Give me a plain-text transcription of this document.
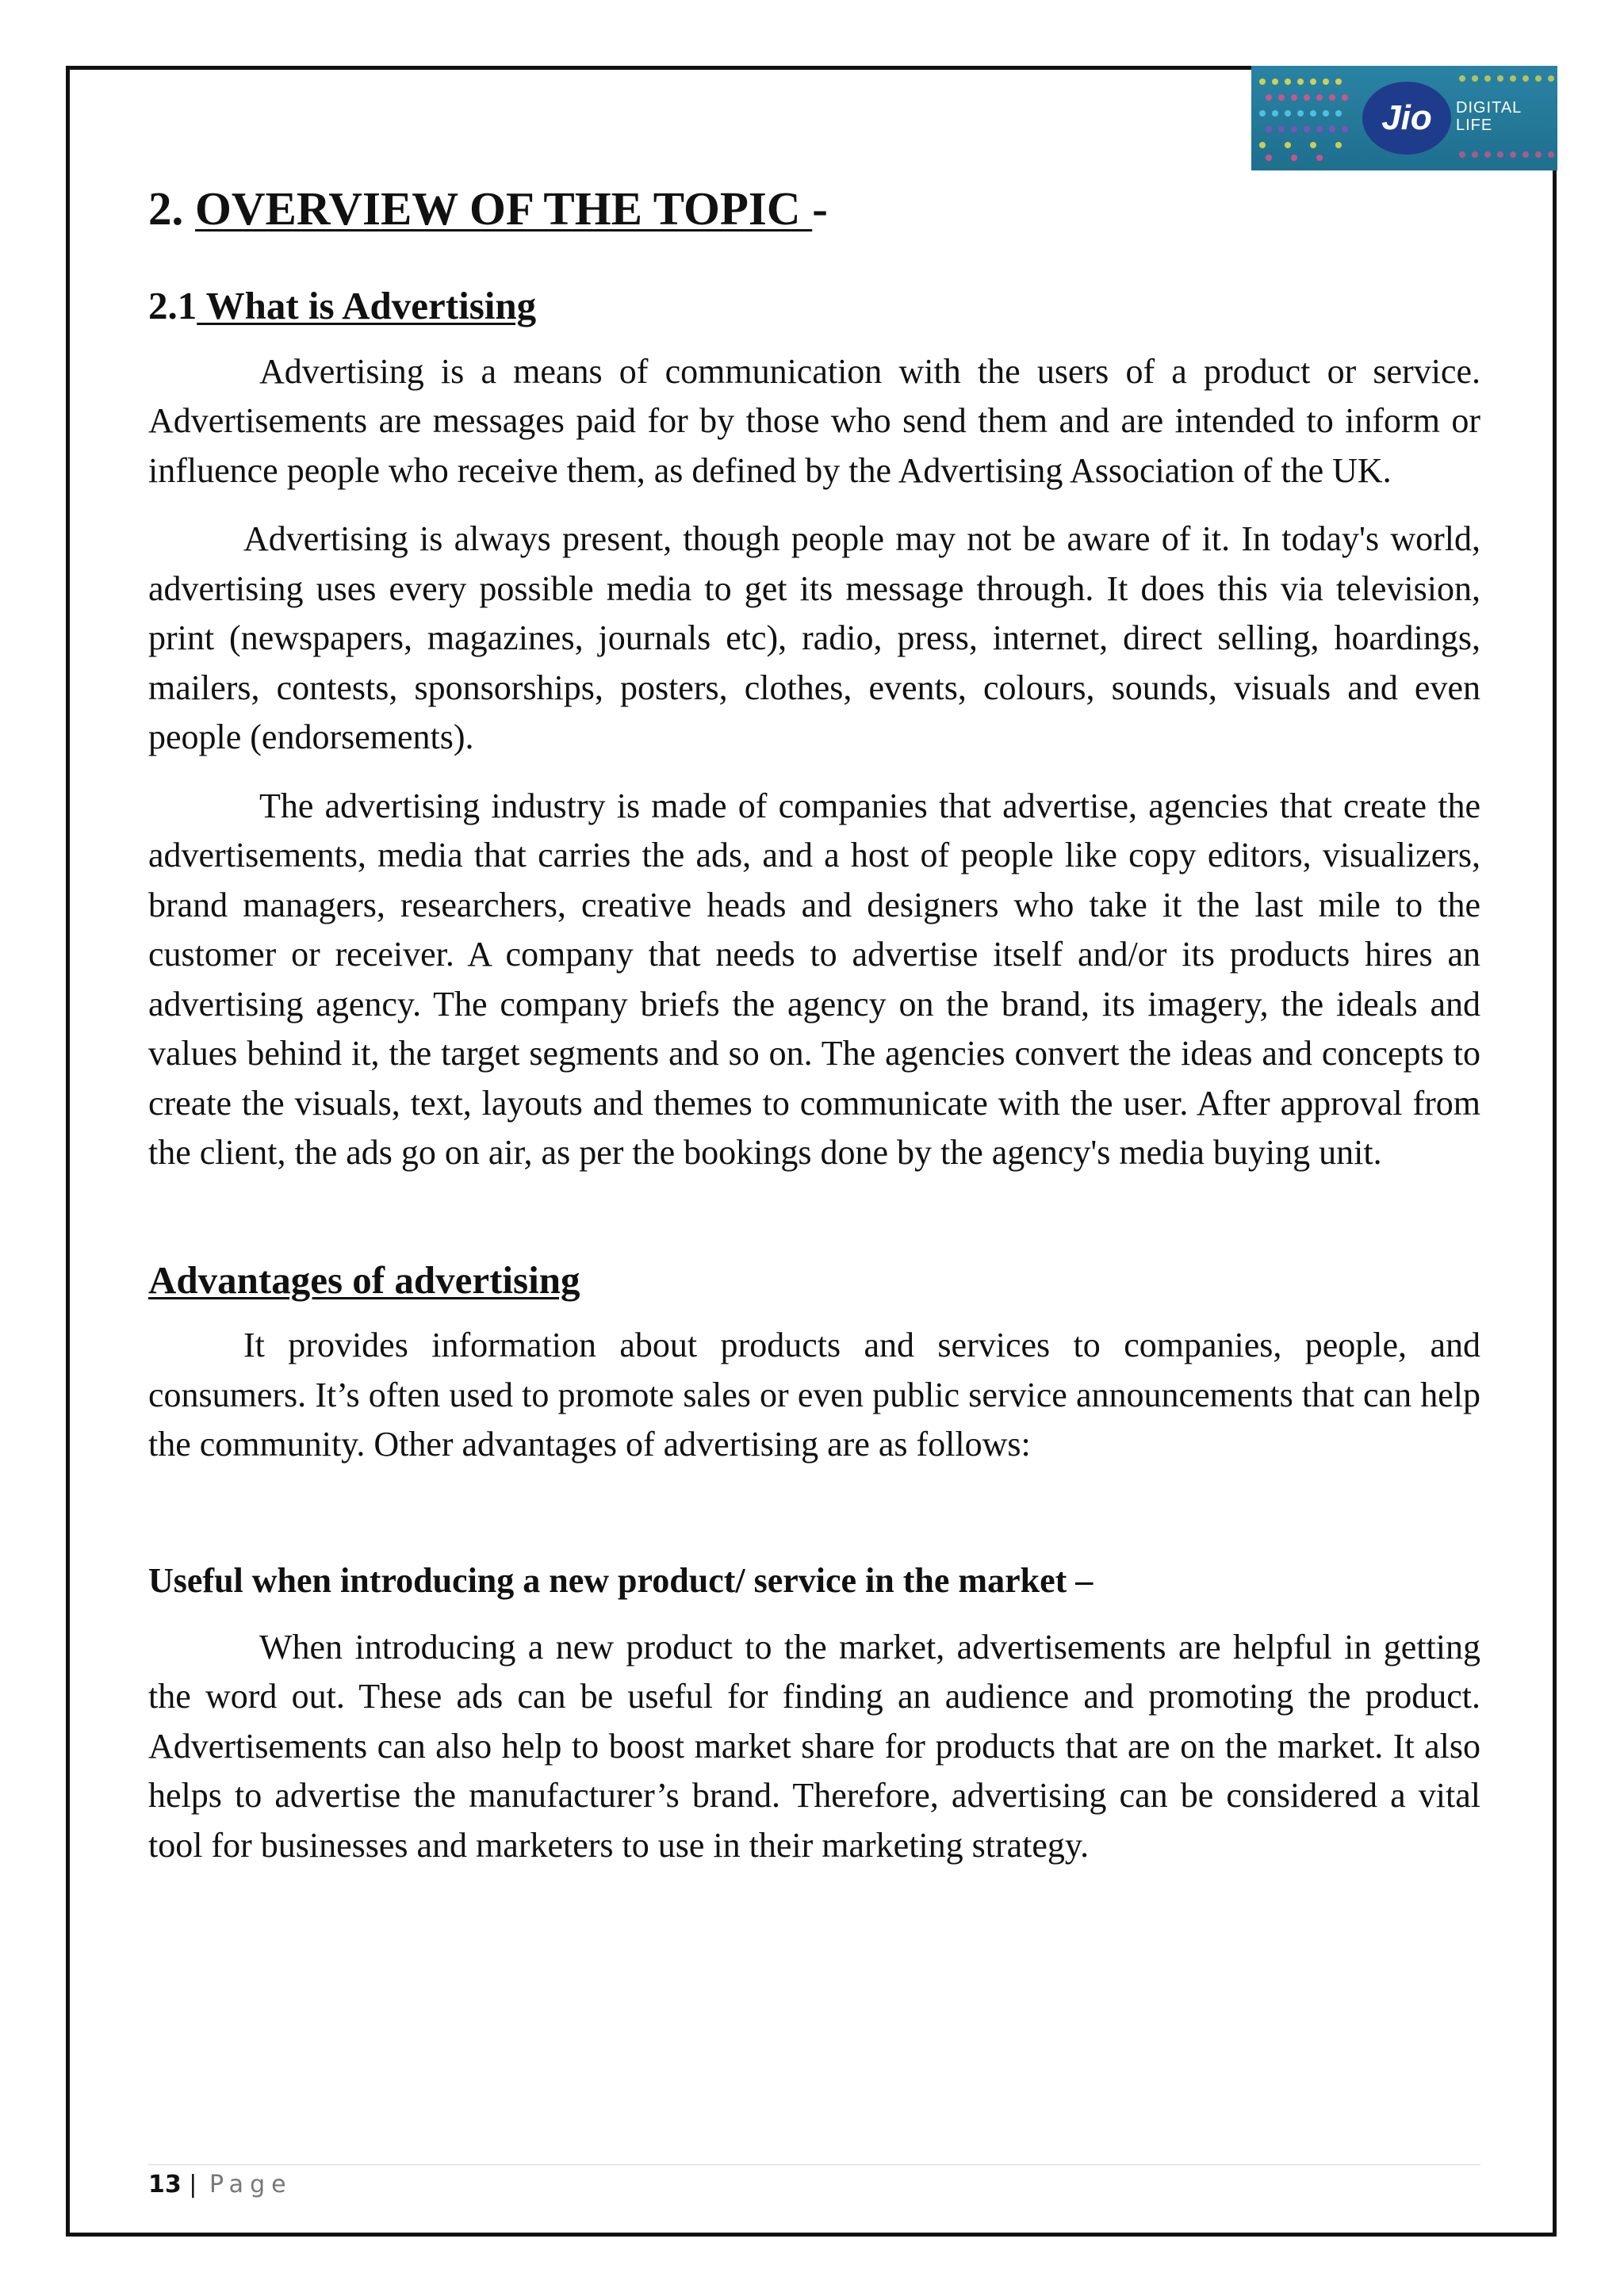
Jio	DIGITAL
LIFE
2. OVERVIEW OF THE TOPIC -
2.1 What is Advertising

Advertising is a means of communication with the users of a product or service. Advertisements are messages paid for by those who send them and are intended to inform or influence people who receive them, as defined by the Advertising Association of the UK.

Advertising is always present, though people may not be aware of it. In today's world, advertising uses every possible media to get its message through. It does this via television, print (newspapers, magazines, journals etc), radio, press, internet, direct selling, hoardings, mailers, contests, sponsorships, posters, clothes, events, colours, sounds, visuals and even people (endorsements).

The advertising industry is made of companies that advertise, agencies that create the advertisements, media that carries the ads, and a host of people like copy editors, visualizers, brand managers, researchers, creative heads and designers who take it the last mile to the customer or receiver. A company that needs to advertise itself and/or its products hires an advertising agency. The company briefs the agency on the brand, its imagery, the ideals and values behind it, the target segments and so on. The agencies convert the ideas and concepts to create the visuals, text, layouts and themes to communicate with the user. After approval from the client, the ads go on air, as per the bookings done by the agency's media buying unit.

Advantages of advertising

It provides information about products and services to companies, people, and consumers. It’s often used to promote sales or even public service announcements that can help the community. Other advantages of advertising are as follows:

Useful when introducing a new product/ service in the market –

When introducing a new product to the market, advertisements are helpful in getting the word out. These ads can be useful for finding an audience and promoting the product. Advertisements can also help to boost market share for products that are on the market. It also helps to advertise the manufacturer’s brand. Therefore, advertising can be considered a vital tool for businesses and marketers to use in their marketing strategy.

13 | Page
